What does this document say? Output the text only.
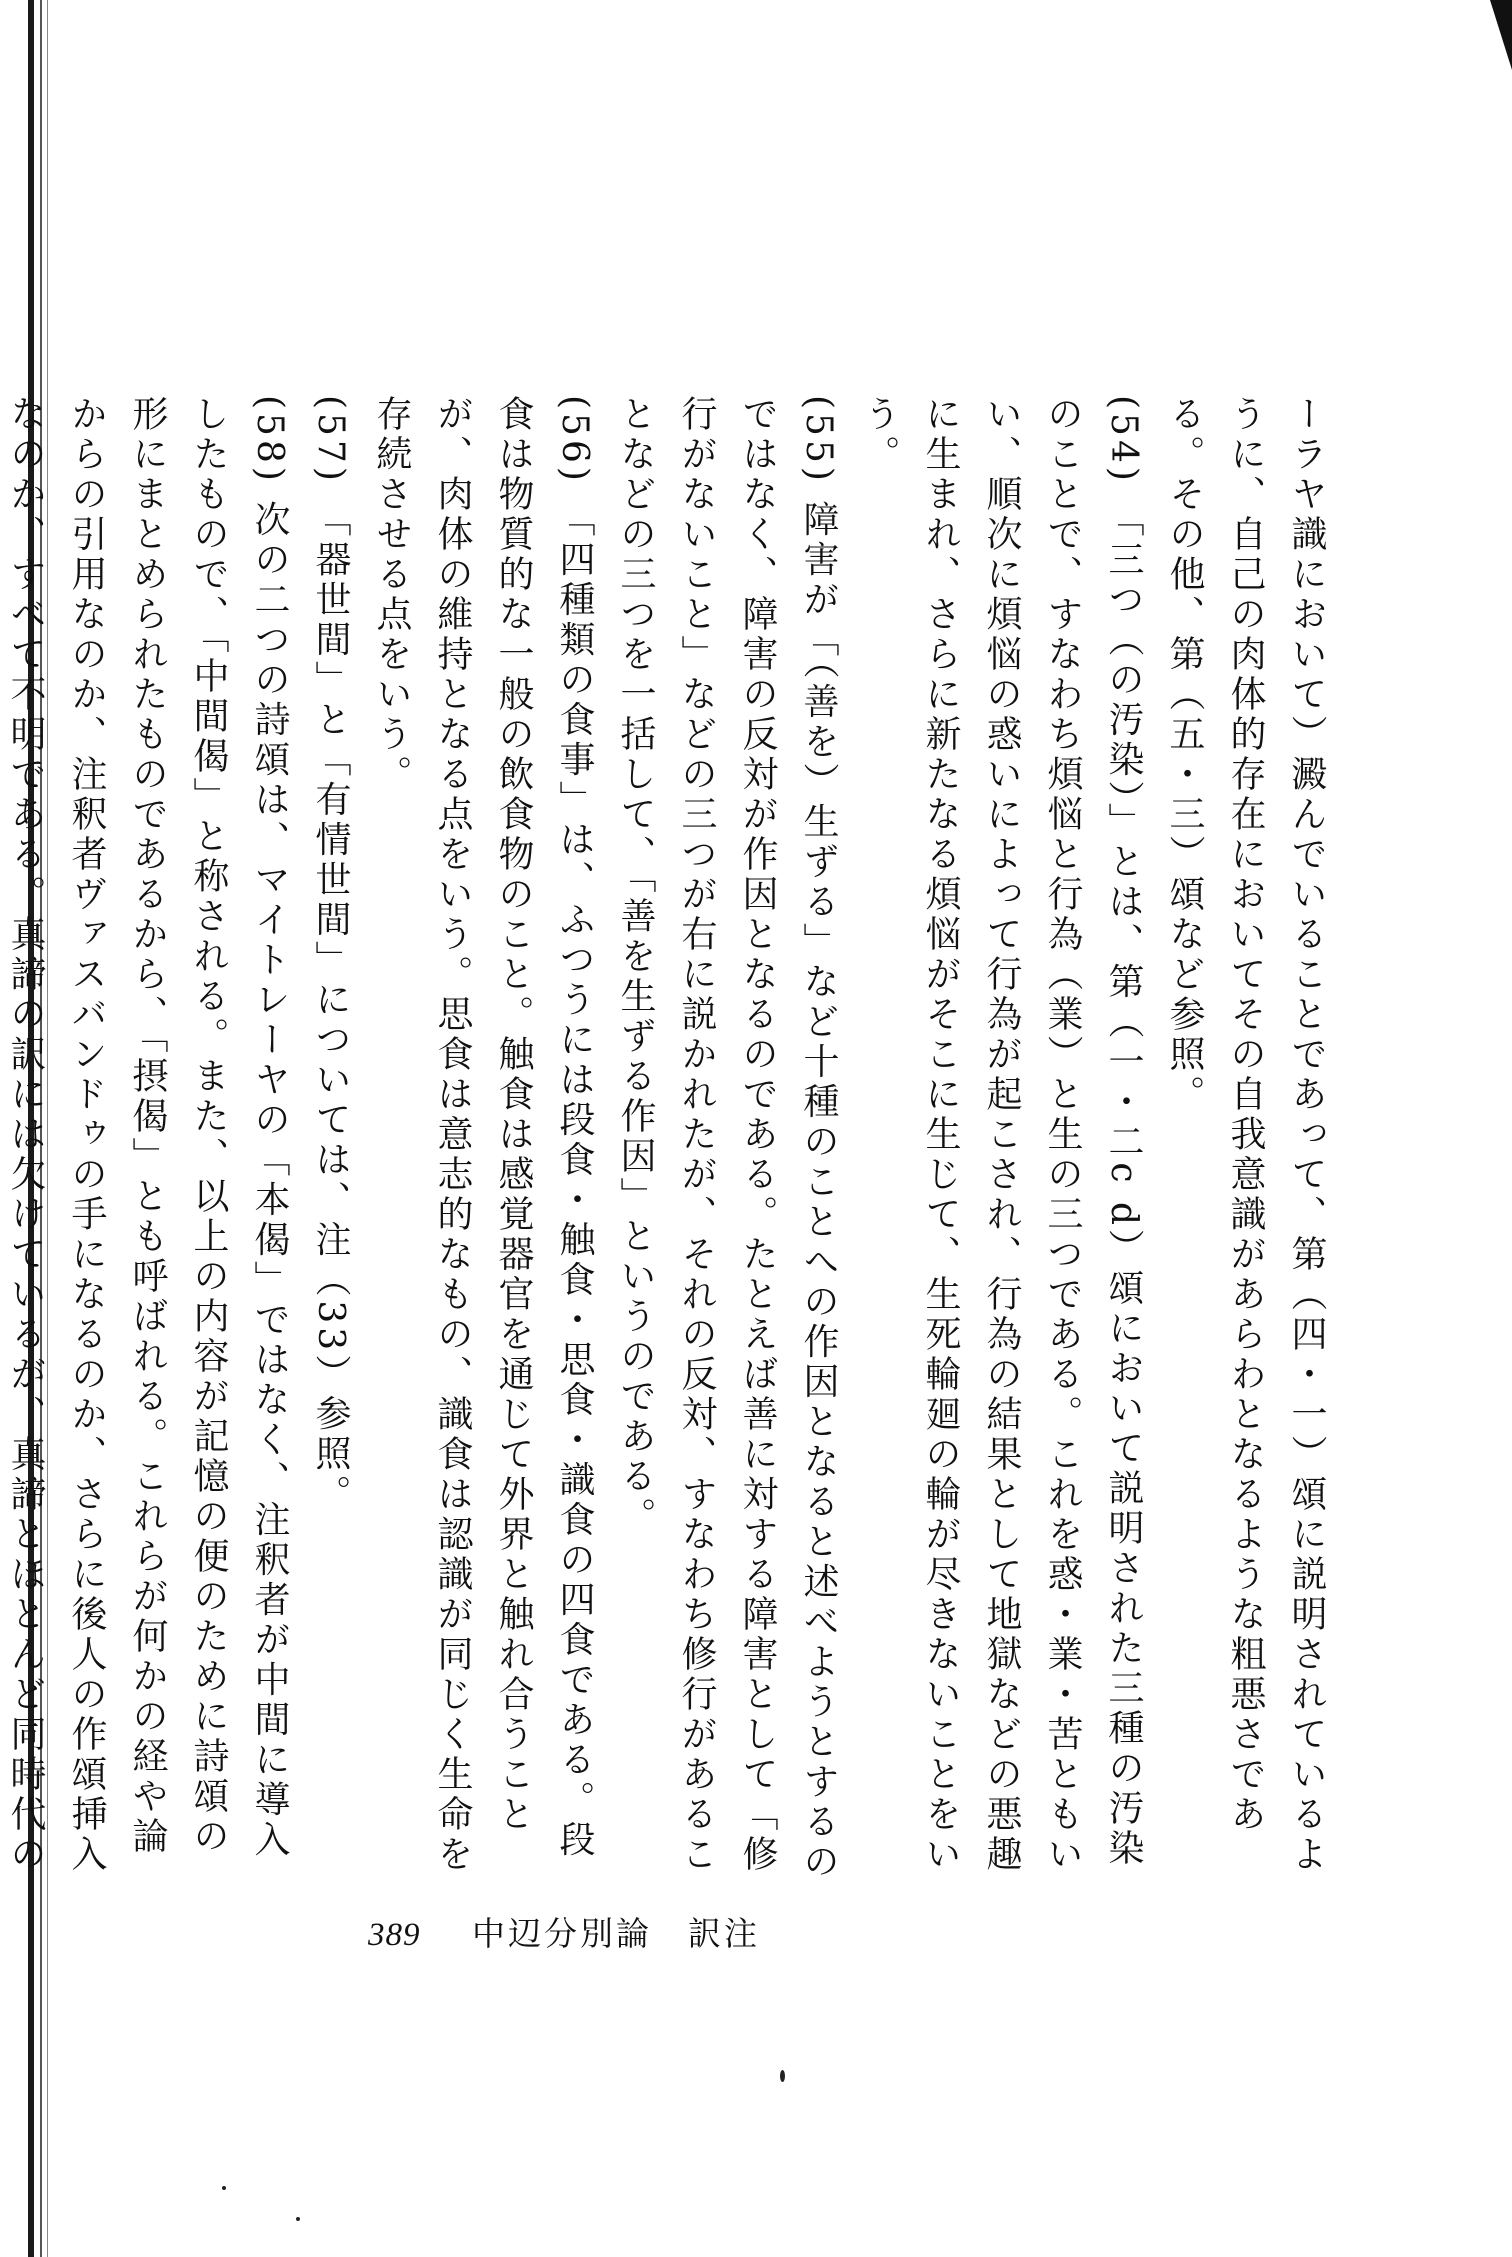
ーラヤ識において）澱んでいることであって、第（四・一）頌に説明されているように、自己の肉体的存在においてその自我意識があらわとなるような粗悪さである。その他、第（五・三）頌など参照。

(54) 「三つ（の汚染）」とは、第（一・二c d）頌において説明された三種の汚染のことで、すなわち煩悩と行為（業）と生の三つである。これを惑・業・苦ともいい、順次に煩悩の惑いによって行為が起こされ、行為の結果として地獄などの悪趣に生まれ、さらに新たなる煩悩がそこに生じて、生死輪廻の輪が尽きないことをいう。

(55) 障害が「（善を）生ずる」など十種のことへの作因となると述べようとするのではなく、障害の反対が作因となるのである。たとえば善に対する障害として「修行がないこと」などの三つが右に説かれたが、それの反対、すなわち修行があることなどの三つを一括して、「善を生ずる作因」というのである。

(56) 「四種類の食事」は、ふつうには段食・触食・思食・識食の四食である。段食は物質的な一般の飲食物のこと。触食は感覚器官を通じて外界と触れ合うことが、肉体の維持となる点をいう。思食は意志的なもの、識食は認識が同じく生命を存続させる点をいう。

(57) 「器世間」と「有情世間」については、注（33）参照。

(58) 次の二つの詩頌は、マイトレーヤの「本偈」ではなく、注釈者が中間に導入したもので、「中間偈」と称される。また、以上の内容が記憶の便のために詩頌の形にまとめられたものであるから、「摂偈」とも呼ばれる。これらが何かの経や論からの引用なのか、注釈者ヴァスバンドゥの手になるのか、さらに後人の作頌挿入なのか、すべて不明である。真諦の訳には欠けているが、真諦とほとんど同時代の

389 中辺分別論　訳注
